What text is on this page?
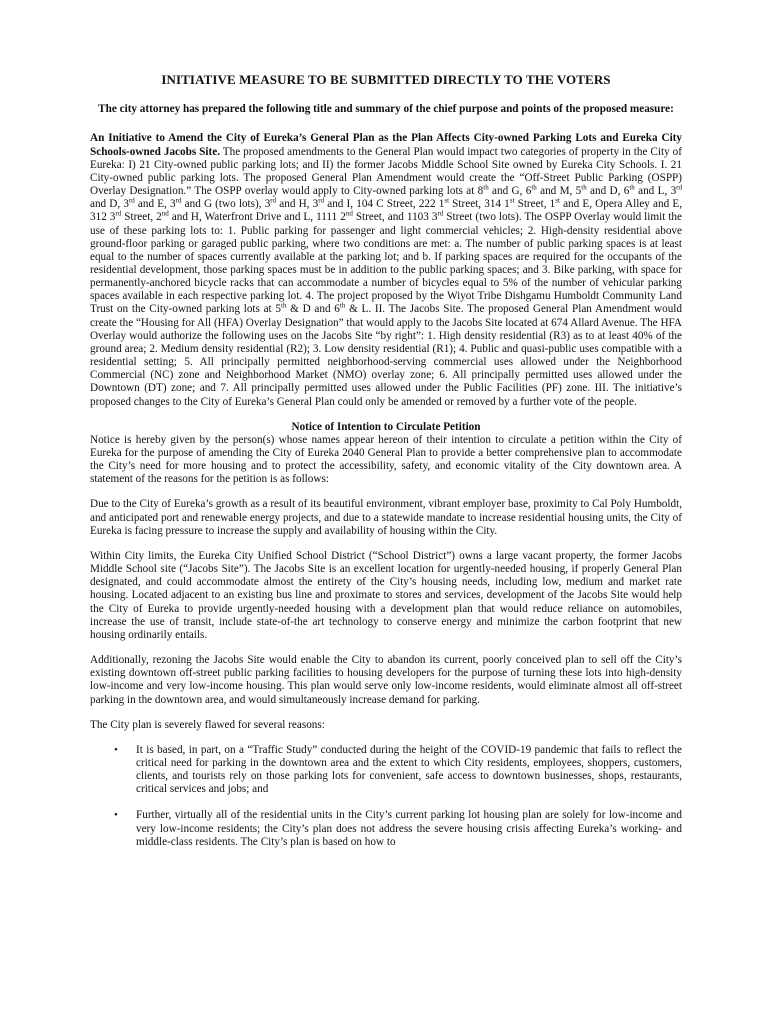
INITIATIVE MEASURE TO BE SUBMITTED DIRECTLY TO THE VOTERS
The city attorney has prepared the following title and summary of the chief purpose and points of the proposed measure:

An Initiative to Amend the City of Eureka’s General Plan as the Plan Affects City-owned Parking Lots and Eureka City Schools-owned Jacobs Site. The proposed amendments to the General Plan would impact two categories of property in the City of Eureka: I) 21 City-owned public parking lots; and II) the former Jacobs Middle School Site owned by Eureka City Schools. I. 21 City-owned public parking lots. The proposed General Plan Amendment would create the “Off-Street Public Parking (OSPP) Overlay Designation.” The OSPP overlay would apply to City-owned parking lots at 8th and G, 6th and M, 5th and D, 6th and L, 3rd and D, 3rd and E, 3rd and G (two lots), 3rd and H, 3rd and I, 104 C Street, 222 1st Street, 314 1st Street, 1st and E, Opera Alley and E, 312 3rd Street, 2nd and H, Waterfront Drive and L, 1111 2nd Street, and 1103 3rd Street (two lots). The OSPP Overlay would limit the use of these parking lots to: 1. Public parking for passenger and light commercial vehicles; 2. High-density residential above ground-floor parking or garaged public parking, where two conditions are met: a. The number of public parking spaces is at least equal to the number of spaces currently available at the parking lot; and b. If parking spaces are required for the occupants of the residential development, those parking spaces must be in addition to the public parking spaces; and 3. Bike parking, with space for permanently-anchored bicycle racks that can accommodate a number of bicycles equal to 5% of the number of vehicular parking spaces available in each respective parking lot. 4. The project proposed by the Wiyot Tribe Dishgamu Humboldt Community Land Trust on the City-owned parking lots at 5th & D and 6th & L. II. The Jacobs Site. The proposed General Plan Amendment would create the “Housing for All (HFA) Overlay Designation” that would apply to the Jacobs Site located at 674 Allard Avenue. The HFA Overlay would authorize the following uses on the Jacobs Site “by right”: 1. High density residential (R3) as to at least 40% of the ground area; 2. Medium density residential (R2); 3. Low density residential (R1); 4. Public and quasi-public uses compatible with a residential setting; 5. All principally permitted neighborhood-serving commercial uses allowed under the Neighborhood Commercial (NC) zone and Neighborhood Market (NMO) overlay zone; 6. All principally permitted uses allowed under the Downtown (DT) zone; and 7. All principally permitted uses allowed under the Public Facilities (PF) zone. III. The initiative’s proposed changes to the City of Eureka’s General Plan could only be amended or removed by a further vote of the people.

Notice of Intention to Circulate Petition

Notice is hereby given by the person(s) whose names appear hereon of their intention to circulate a petition within the City of Eureka for the purpose of amending the City of Eureka 2040 General Plan to provide a better comprehensive plan to accommodate the City’s need for more housing and to protect the accessibility, safety, and economic vitality of the City downtown area. A statement of the reasons for the petition is as follows:

Due to the City of Eureka’s growth as a result of its beautiful environment, vibrant employer base, proximity to Cal Poly Humboldt, and anticipated port and renewable energy projects, and due to a statewide mandate to increase residential housing units, the City of Eureka is facing pressure to increase the supply and availability of housing within the City.

Within City limits, the Eureka City Unified School District (“School District”) owns a large vacant property, the former Jacobs Middle School site (“Jacobs Site”). The Jacobs Site is an excellent location for urgently-needed housing, if properly General Plan designated, and could accommodate almost the entirety of the City’s housing needs, including low, medium and market rate housing. Located adjacent to an existing bus line and proximate to stores and services, development of the Jacobs Site would help the City of Eureka to provide urgently-needed housing with a development plan that would reduce reliance on automobiles, increase the use of transit, include state-of-the art technology to conserve energy and minimize the carbon footprint that new housing ordinarily entails.

Additionally, rezoning the Jacobs Site would enable the City to abandon its current, poorly conceived plan to sell off the City’s existing downtown off-street public parking facilities to housing developers for the purpose of turning these lots into high-density low-income and very low-income housing. This plan would serve only low-income residents, would eliminate almost all off-street parking in the downtown area, and would simultaneously increase demand for parking.

The City plan is severely flawed for several reasons:

• It is based, in part, on a “Traffic Study” conducted during the height of the COVID-19 pandemic that fails to reflect the critical need for parking in the downtown area and the extent to which City residents, employees, shoppers, customers, clients, and tourists rely on those parking lots for convenient, safe access to downtown businesses, shops, restaurants, critical services and jobs; and
• Further, virtually all of the residential units in the City’s current parking lot housing plan are solely for low-income and very low-income residents; the City’s plan does not address the severe housing crisis affecting Eureka’s working- and middle-class residents. The City’s plan is based on how to
